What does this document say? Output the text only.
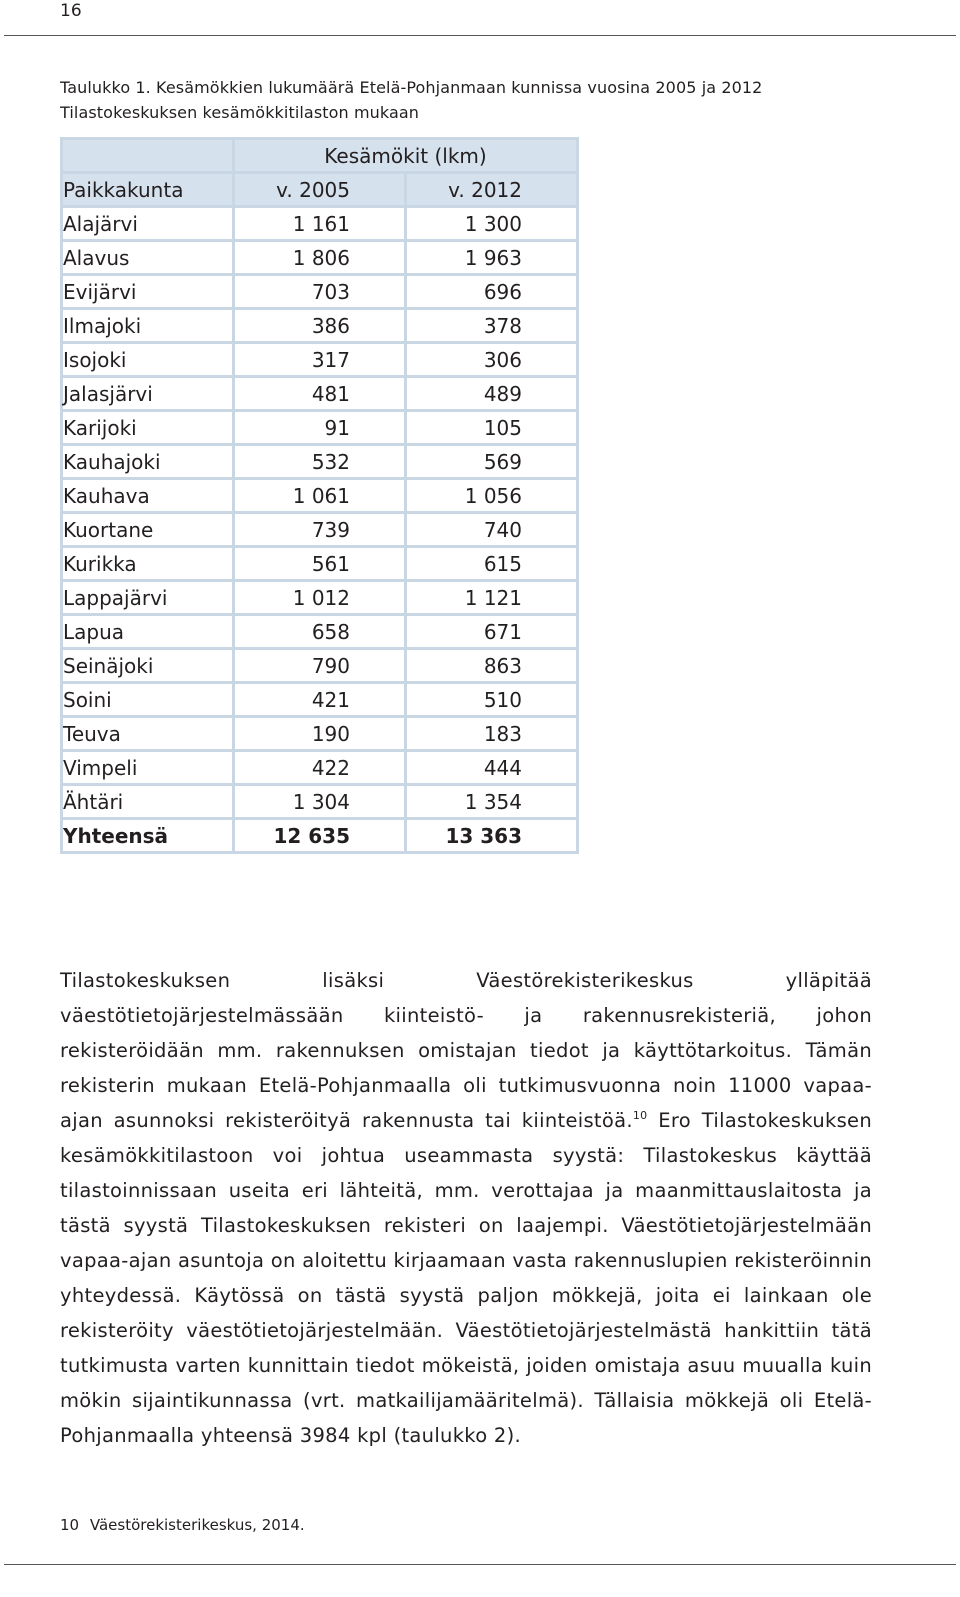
16
Taulukko 1. Kesämökkien lukumäärä Etelä-Pohjanmaan kunnissa vuosina 2005 ja 2012
Tilastokeskuksen kesämökkitilaston mukaan
	Kesämökit (lkm)	
Paikkakunta	v. 2005	v. 2012
Alajärvi	1 161	1 300
Alavus	1 806	1 963
Evijärvi	703	696
Ilmajoki	386	378
Isojoki	317	306
Jalasjärvi	481	489
Karijoki	91	105
Kauhajoki	532	569
Kauhava	1 061	1 056
Kuortane	739	740
Kurikka	561	615
Lappajärvi	1 012	1 121
Lapua	658	671
Seinäjoki	790	863
Soini	421	510
Teuva	190	183
Vimpeli	422	444
Ähtäri	1 304	1 354
Yhteensä	12 635	13 363
Tilastokeskuksen lisäksi Väestörekisterikeskus ylläpitää väestötietojärjestelmässään kiinteistö- ja rakennusrekisteriä, johon rekisteröidään mm. rakennuksen omistajan tiedot ja käyttötarkoitus. Tämän rekisterin mukaan Etelä-Pohjanmaalla oli tutkimusvuonna noin 11000 vapaa-ajan asunnoksi rekisteröityä rakennusta tai kiinteistöä.$^{10}$ Ero Tilastokeskuksen kesämökkitilastoon voi johtua useammasta syystä: Tilastokeskus käyttää tilastoinnissaan useita eri lähteitä, mm. verottajaa ja maanmittauslaitosta ja tästä syystä Tilastokeskuksen rekisteri on laajempi. Väestötietojärjestelmään vapaa-ajan asuntoja on aloitettu kirjaamaan vasta rakennuslupien rekisteröinnin yhteydessä. Käytössä on tästä syystä paljon mökkejä, joita ei lainkaan ole rekisteröity väestötietojärjestelmään. Väestötietojärjestelmästä hankittiin tätä tutkimusta varten kunnittain tiedot mökeistä, joiden omistaja asuu muualla kuin mökin sijaintikunnassa (vrt. matkailijamääritelmä). Tällaisia mökkejä oli Etelä-Pohjanmaalla yhteensä 3984 kpl (taulukko 2).
10 Väestörekisterikeskus, 2014.
